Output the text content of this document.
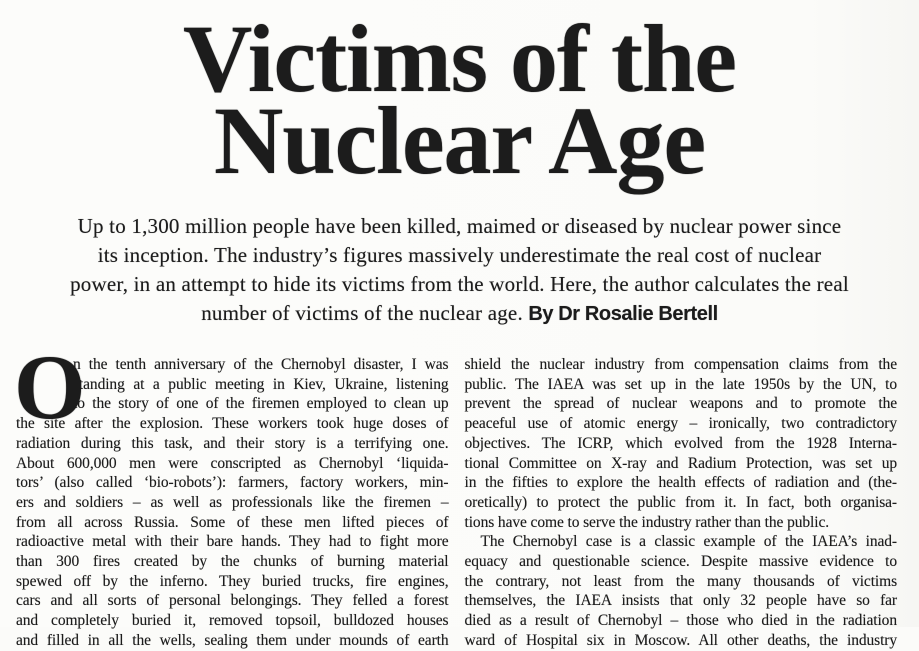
Victims of the
Nuclear Age
Up to 1,300 million people have been killed, maimed or diseased by nuclear power since
its inception. The industry’s figures massively underestimate the real cost of nuclear
power, in an attempt to hide its victims from the world. Here, the author calculates the real
number of victims of the nuclear age. By Dr Rosalie Bertell
O
n the tenth anniversary of the Chernobyl disaster, I was
standing at a public meeting in Kiev, Ukraine, listening
to the story of one of the firemen employed to clean up
the site after the explosion. These workers took huge doses of
radiation during this task, and their story is a terrifying one.
About 600,000 men were conscripted as Chernobyl ‘liquida-
tors’ (also called ‘bio-robots’): farmers, factory workers, min-
ers and soldiers – as well as professionals like the firemen –
from all across Russia. Some of these men lifted pieces of
radioactive metal with their bare hands. They had to fight more
than 300 fires created by the chunks of burning material
spewed off by the inferno. They buried trucks, fire engines,
cars and all sorts of personal belongings. They felled a forest
and completely buried it, removed topsoil, bulldozed houses
and filled in all the wells, sealing them under mounds of earth
shield the nuclear industry from compensation claims from the
public. The IAEA was set up in the late 1950s by the UN, to
prevent the spread of nuclear weapons and to promote the
peaceful use of atomic energy – ironically, two contradictory
objectives. The ICRP, which evolved from the 1928 Interna-
tional Committee on X-ray and Radium Protection, was set up
in the fifties to explore the health effects of radiation and (the-
oretically) to protect the public from it. In fact, both organisa-
tions have come to serve the industry rather than the public.
The Chernobyl case is a classic example of the IAEA’s inad-
equacy and questionable science. Despite massive evidence to
the contrary, not least from the many thousands of victims
themselves, the IAEA insists that only 32 people have so far
died as a result of Chernobyl – those who died in the radiation
ward of Hospital six in Moscow. All other deaths, the industry
